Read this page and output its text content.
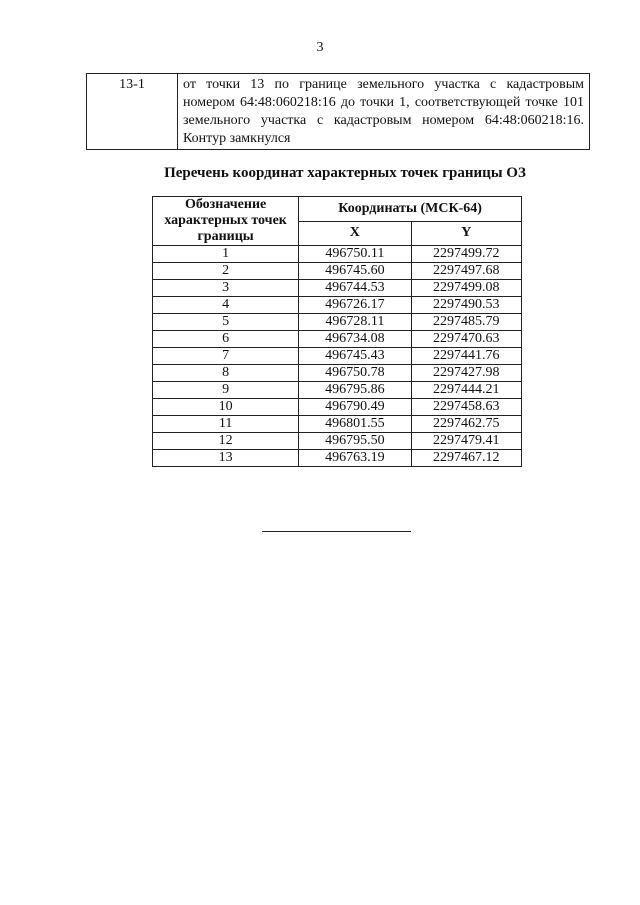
3
13-1	от точки 13 по границе земельного участка с кадастровым номером 64:48:060218:16 до точки 1, соответствующей точке 101 земельного участка с кадастровым номером 64:48:060218:16. Контур замкнулся
Перечень координат характерных точек границы ОЗ
Обозначение характерных точек границы	Координаты (МСК-64)	
	X	Y
1	496750.11	2297499.72
2	496745.60	2297497.68
3	496744.53	2297499.08
4	496726.17	2297490.53
5	496728.11	2297485.79
6	496734.08	2297470.63
7	496745.43	2297441.76
8	496750.78	2297427.98
9	496795.86	2297444.21
10	496790.49	2297458.63
11	496801.55	2297462.75
12	496795.50	2297479.41
13	496763.19	2297467.12
